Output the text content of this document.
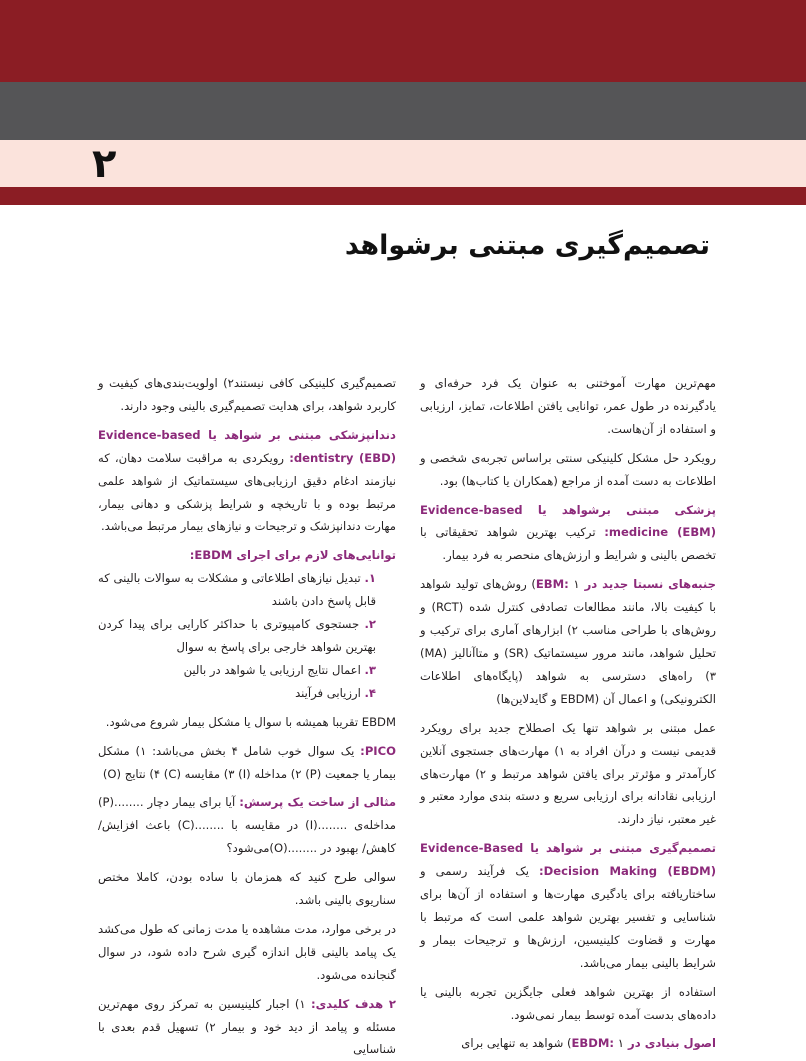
۲
تصمیم‌گیری مبتنی برشواهد

مهم‌ترین مهارت آموختنی به عنوان یک فرد حرفه‌ای و یادگیرنده در طول عمر، توانایی یافتن اطلاعات، تمایز، ارزیابی و استفاده از آن‌هاست.

رویکرد حل مشکل کلینیکی سنتی براساس تجربه‌ی شخصی و اطلاعات به دست آمده از مراجع (همکاران یا کتاب‌ها) بود.

پزشکی مبتنی برشواهد یا Evidence-based medicine (EBM): ترکیب بهترین شواهد تحقیقاتی با تخصص بالینی و شرایط و ارزش‌های منحصر به فرد بیمار.

جنبه‌های نسبتا جدید در EBM: ۱) روش‌های تولید شواهد با کیفیت بالا، مانند مطالعات تصادفی کنترل شده (RCT) و روش‌های با طراحی مناسب ۲) ابزارهای آماری برای ترکیب و تحلیل شواهد، مانند مرور سیستماتیک (SR) و متاآنالیز (MA) ۳) راه‌های دسترسی به شواهد (پایگاه‌های اطلاعات الکترونیکی) و اعمال آن (EBDM و گایدلاین‌ها)

عمل مبتنی بر شواهد تنها یک اصطلاح جدید برای رویکرد قدیمی نیست و درآن افراد به ۱) مهارت‌های جستجوی آنلاین کارآمدتر و مؤثرتر برای یافتن شواهد مرتبط و ۲) مهارت‌های ارزیابی نقادانه برای ارزیابی سریع و دسته بندی موارد معتبر و غیر معتبر، نیاز دارند.

تصمیم‌گیری مبتنی بر شواهد یا Evidence-Based Decision Making (EBDM): یک فرآیند رسمی و ساختاریافته برای یادگیری مهارت‌ها و استفاده از آن‌ها برای شناسایی و تفسیر بهترین شواهد علمی است که مرتبط با مهارت و قضاوت کلینیسین، ارزش‌ها و ترجیحات بیمار و شرایط بالینی بیمار می‌باشد.

استفاده از بهترین شواهد فعلی جایگزین تجربه بالینی یا داده‌های بدست آمده توسط بیمار نمی‌شود.

اصول بنیادی در EBDM: ۱) شواهد به تنهایی برای

تصمیم‌گیری کلینیکی کافی نیستند۲) اولویت‌بندی‌های کیفیت و کاربرد شواهد، برای هدایت تصمیم‌گیری بالینی وجود دارند.

دندانپزشکی مبتنی بر شواهد یا Evidence-based dentistry (EBD): رویکردی به مراقبت سلامت دهان، که نیازمند ادغام دقیق ارزیابی‌های سیستماتیک از شواهد علمی مرتبط بوده و با تاریخچه و شرایط پزشکی و دهانی بیمار، مهارت دندانپزشک و ترجیحات و نیازهای بیمار مرتبط می‌باشد.

توانایی‌های لازم برای اجرای EBDM:

۱. تبدیل نیازهای اطلاعاتی و مشکلات به سوالات بالینی که قابل پاسخ دادن باشند
۲. جستجوی کامپیوتری با حداکثر کارایی برای پیدا کردن بهترین شواهد خارجی برای پاسخ به سوال
۳. اعمال نتایج ارزیابی یا شواهد در بالین
۴. ارزیابی فرآیند

EBDM تقریبا همیشه با سوال یا مشکل بیمار شروع می‌شود.

PICO: یک سوال خوب شامل ۴ بخش می‌باشد: ۱) مشکل بیمار یا جمعیت (P) ۲) مداخله (I) ۳) مقایسه (C) ۴) نتایج (O)

مثالی از ساخت یک پرسش: آیا برای بیمار دچار ........(P) مداخله‌ی ........(I) در مقایسه با ........(C) باعث افزایش/کاهش/ بهبود در ........(O)می‌شود؟

سوالی طرح کنید که همزمان با ساده بودن، کاملا مختص سناریوی بالینی باشد.

در برخی موارد، مدت مشاهده یا مدت زمانی که طول می‌کشد یک پیامد بالینی قابل اندازه گیری شرح داده شود، در سوال گنجانده می‌شود.

۲ هدف کلیدی: ۱) اجبار کلینیسین به تمرکز روی مهم‌ترین مسئله و پیامد از دید خود و بیمار ۲) تسهیل قدم بعدی با شناسایی
